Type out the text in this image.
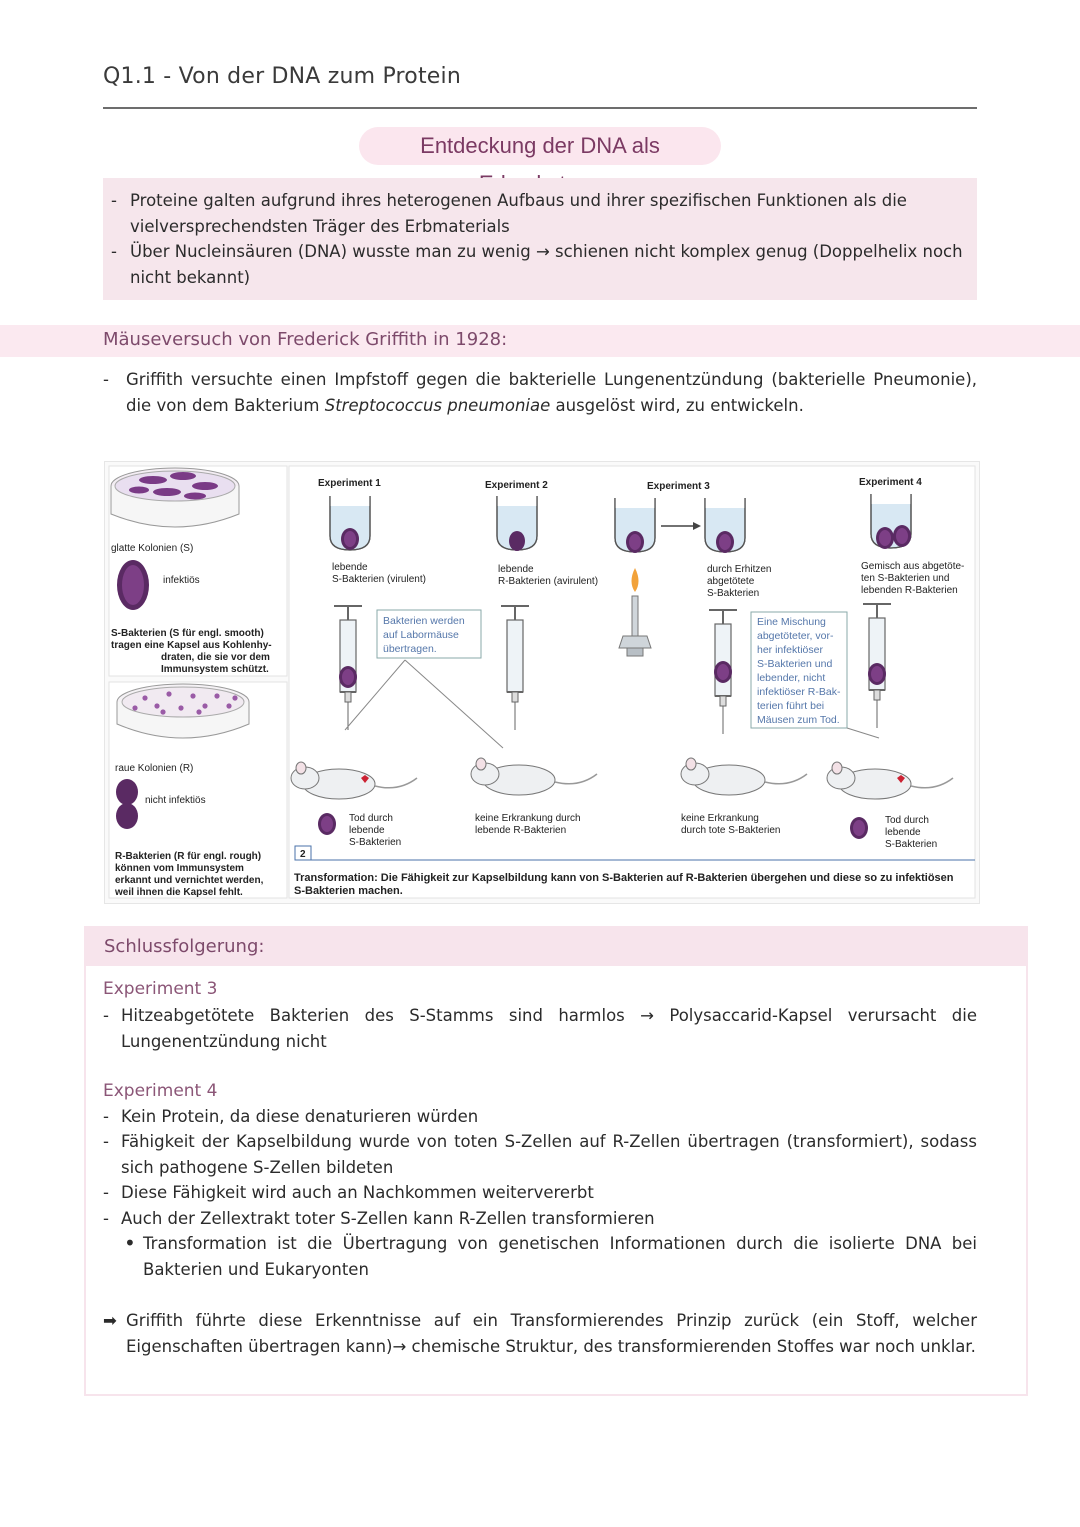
Q1.1 - Von der DNA zum Protein
Entdeckung der DNA als
- Proteine galten aufgrund ihres heterogenen Aufbaus und ihrer spezifischen Funktionen als die vielversprechendsten Träger des Erbmaterials
- Über Nucleinsäuren (DNA) wusste man zu wenig → schienen nicht komplex genug (Doppelhelix noch nicht bekannt)
Mäuseversuch von Frederick Griffith in 1928:
- Griffith versuchte einen Impfstoff gegen die bakterielle Lungenentzündung (bakterielle Pneumonie), die von dem Bakterium Streptococcus pneumoniae ausgelöst wird, zu entwickeln.
glatte Kolonien (S)
infektiös
S-Bakterien (S für engl. smooth)
tragen eine Kapsel aus Kohlenhy-
draten, die sie vor dem
Immunsystem schützt.
raue Kolonien (R)
nicht infektiös
R-Bakterien (R für engl. rough)
können vom Immunsystem
erkannt und vernichtet werden,
weil ihnen die Kapsel fehlt.
Experiment 1
lebende
S-Bakterien (virulent)
Bakterien werden
auf Labormäuse
übertragen.
Tod durch
lebende
S-Bakterien
Experiment 2
lebende
R-Bakterien (avirulent)
keine Erkrankung durch
lebende R-Bakterien
Experiment 3
durch Erhitzen
abgetötete
S-Bakterien
Eine Mischung
abgetöteter, vor-
her infektiöser
S-Bakterien und
lebender, nicht
infektiöser R-Bak-
terien führt bei
Mäusen zum Tod.
keine Erkrankung
durch tote S-Bakterien
Experiment 4
Gemisch aus abgetöte-
ten S-Bakterien und
lebenden R-Bakterien
Tod durch
lebende
S-Bakterien
2
Transformation: Die Fähigkeit zur Kapselbildung kann von S-Bakterien auf R-Bakterien übergehen und diese so zu infektiösen
S-Bakterien machen.
Schlussfolgerung:
Experiment 3
- Hitzeabgetötete Bakterien des S-Stamms sind harmlos → Polysaccarid-Kapsel verursacht die Lungenentzündung nicht
Experiment 4
- Kein Protein, da diese denaturieren würden
- Fähigkeit der Kapselbildung wurde von toten S-Zellen auf R-Zellen übertragen (transformiert), sodass sich pathogene S-Zellen bildeten
- Diese Fähigkeit wird auch an Nachkommen weitervererbt
- Auch der Zellextrakt toter S-Zellen kann R-Zellen transformieren
• Transformation ist die Übertragung von genetischen Informationen durch die isolierte DNA bei Bakterien und Eukaryonten
➡ Griffith führte diese Erkenntnisse auf ein Transformierendes Prinzip zurück (ein Stoff, welcher Eigenschaften übertragen kann)→ chemische Struktur, des transformierenden Stoffes war noch unklar.
